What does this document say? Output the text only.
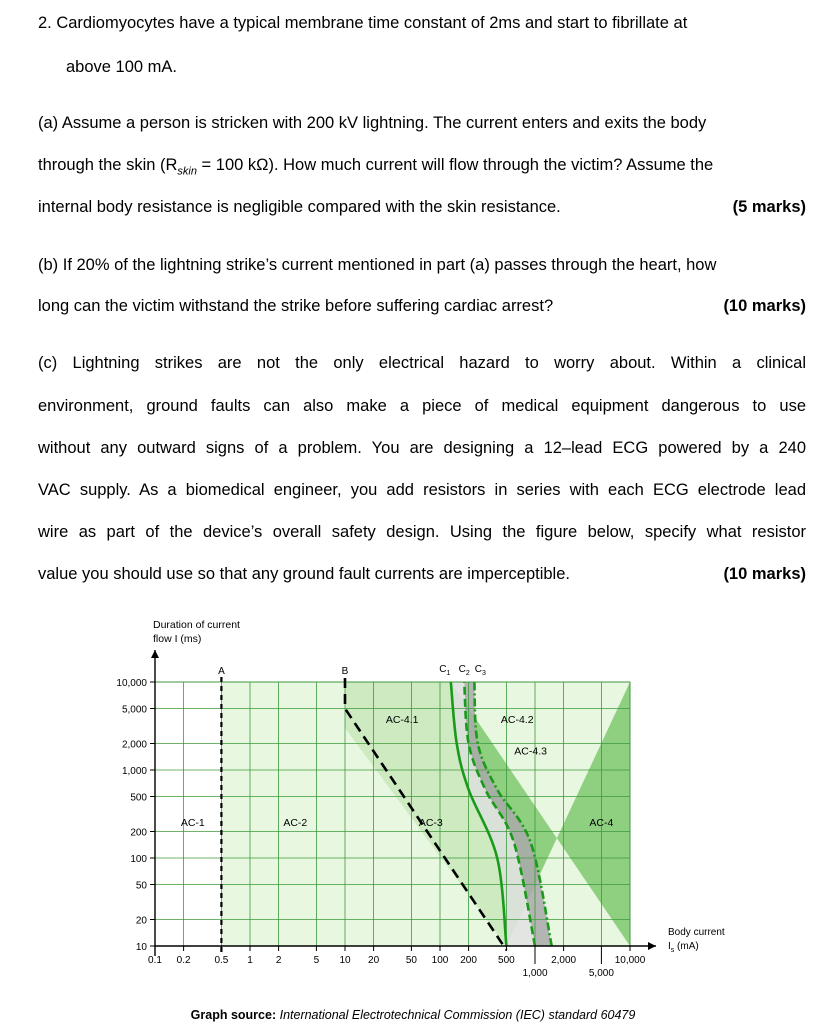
2. Cardiomyocytes have a typical membrane time constant of 2ms and start to fibrillate at
above 100 mA.
(a) Assume a person is stricken with 200 kV lightning. The current enters and exits the body
through the skin ($R_{skin} = 100$ kΩ). How much current will flow through the victim? Assume the
internal body resistance is negligible compared with the skin resistance.	(5 marks)
(b) If 20% of the lightning strike’s current mentioned in part (a) passes through the heart, how
long can the victim withstand the strike before suffering cardiac arrest?	(10 marks)
(c) Lightning strikes are not the only electrical hazard to worry about. Within a clinical
environment, ground faults can also make a piece of medical equipment dangerous to use
without any outward signs of a problem. You are designing a 12–lead ECG powered by a 240
VAC supply. As a biomedical engineer, you add resistors in series with each ECG electrode lead
wire as part of the device’s overall safety design. Using the figure below, specify what resistor
value you should use so that any ground fault currents are imperceptible.	(10 marks)
10
20
50
100
200
500
1,000
2,000
5,000
10,000
0.1 0.2 0.5 1 2	5 10 20	50 100 200 500
1,000
2,000
5,000
10,000
Duration of current
flow I (ms)
Body current
$I_s$ (mA)
A	B	$C_1$ $C_2$ $C_3$
AC-1	AC-2	AC-3	AC-4
AC-4.1	AC-4.2
AC-4.3
Graph source: International Electrotechnical Commission (IEC) standard 60479
